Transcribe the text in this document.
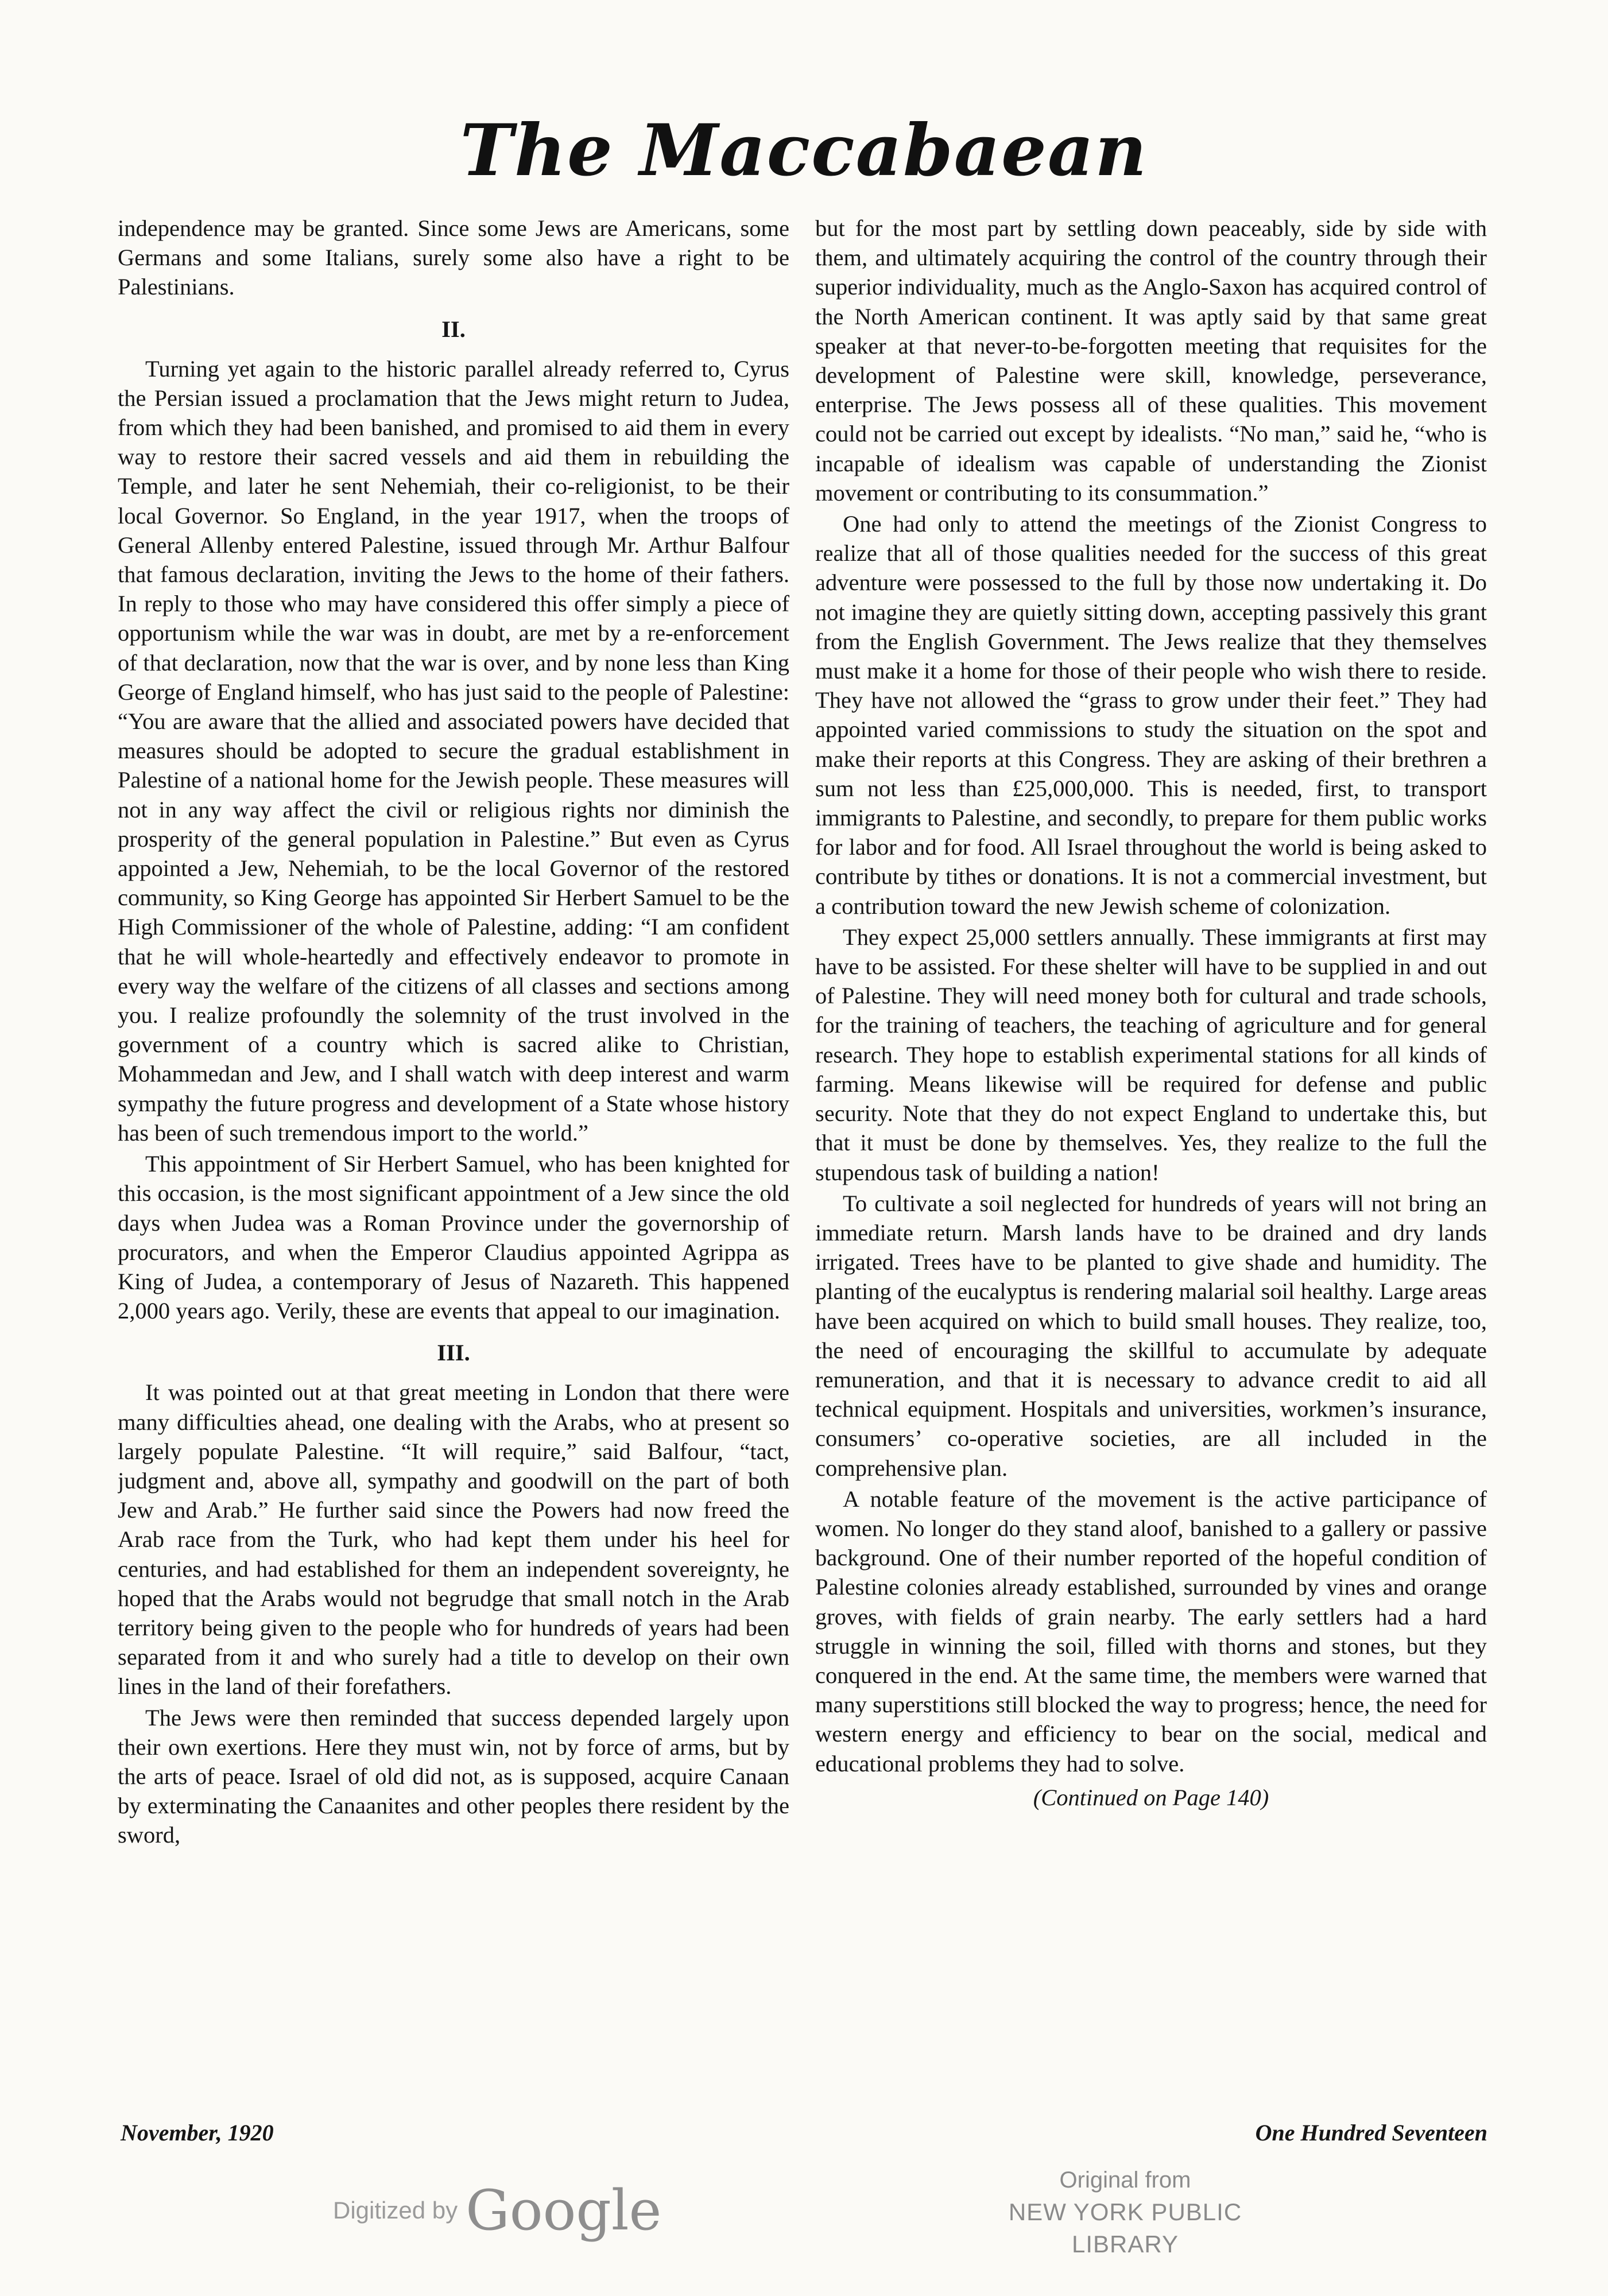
The Maccabaean

independence may be granted. Since some Jews are Americans, some Germans and some Italians, surely some also have a right to be Palestinians.

II.

Turning yet again to the historic parallel already referred to, Cyrus the Persian issued a proclamation that the Jews might return to Judea, from which they had been banished, and promised to aid them in every way to restore their sacred vessels and aid them in rebuilding the Temple, and later he sent Nehemiah, their co-religionist, to be their local Governor. So England, in the year 1917, when the troops of General Allenby entered Palestine, issued through Mr. Arthur Balfour that famous declaration, inviting the Jews to the home of their fathers. In reply to those who may have considered this offer simply a piece of opportunism while the war was in doubt, are met by a re-enforcement of that declaration, now that the war is over, and by none less than King George of England himself, who has just said to the people of Palestine: “You are aware that the allied and associated powers have decided that measures should be adopted to secure the gradual establishment in Palestine of a national home for the Jewish people. These measures will not in any way affect the civil or religious rights nor diminish the prosperity of the general population in Palestine.” But even as Cyrus appointed a Jew, Nehemiah, to be the local Governor of the restored community, so King George has appointed Sir Herbert Samuel to be the High Commissioner of the whole of Palestine, adding: “I am confident that he will whole-heartedly and effectively endeavor to promote in every way the welfare of the citizens of all classes and sections among you. I realize profoundly the solemnity of the trust involved in the government of a country which is sacred alike to Christian, Mohammedan and Jew, and I shall watch with deep interest and warm sympathy the future progress and development of a State whose history has been of such tremendous import to the world.”

This appointment of Sir Herbert Samuel, who has been knighted for this occasion, is the most significant appointment of a Jew since the old days when Judea was a Roman Province under the governorship of procurators, and when the Emperor Claudius appointed Agrippa as King of Judea, a contemporary of Jesus of Nazareth. This happened 2,000 years ago. Verily, these are events that appeal to our imagination.

III.

It was pointed out at that great meeting in London that there were many difficulties ahead, one dealing with the Arabs, who at present so largely populate Palestine. “It will require,” said Balfour, “tact, judgment and, above all, sympathy and goodwill on the part of both Jew and Arab.” He further said since the Powers had now freed the Arab race from the Turk, who had kept them under his heel for centuries, and had established for them an independent sovereignty, he hoped that the Arabs would not begrudge that small notch in the Arab territory being given to the people who for hundreds of years had been separated from it and who surely had a title to develop on their own lines in the land of their forefathers.

The Jews were then reminded that success depended largely upon their own exertions. Here they must win, not by force of arms, but by the arts of peace. Israel of old did not, as is supposed, acquire Canaan by exterminating the Canaanites and other peoples there resident by the sword,

but for the most part by settling down peaceably, side by side with them, and ultimately acquiring the control of the country through their superior individuality, much as the Anglo-Saxon has acquired control of the North American continent. It was aptly said by that same great speaker at that never-to-be-forgotten meeting that requisites for the development of Palestine were skill, knowledge, perseverance, enterprise. The Jews possess all of these qualities. This movement could not be carried out except by idealists. “No man,” said he, “who is incapable of idealism was capable of understanding the Zionist movement or contributing to its consummation.”

One had only to attend the meetings of the Zionist Congress to realize that all of those qualities needed for the success of this great adventure were possessed to the full by those now undertaking it. Do not imagine they are quietly sitting down, accepting passively this grant from the English Government. The Jews realize that they themselves must make it a home for those of their people who wish there to reside. They have not allowed the “grass to grow under their feet.” They had appointed varied commissions to study the situation on the spot and make their reports at this Congress. They are asking of their brethren a sum not less than £25,000,000. This is needed, first, to transport immigrants to Palestine, and secondly, to prepare for them public works for labor and for food. All Israel throughout the world is being asked to contribute by tithes or donations. It is not a commercial investment, but a contribution toward the new Jewish scheme of colonization.

They expect 25,000 settlers annually. These immigrants at first may have to be assisted. For these shelter will have to be supplied in and out of Palestine. They will need money both for cultural and trade schools, for the training of teachers, the teaching of agriculture and for general research. They hope to establish experimental stations for all kinds of farming. Means likewise will be required for defense and public security. Note that they do not expect England to undertake this, but that it must be done by themselves. Yes, they realize to the full the stupendous task of building a nation!

To cultivate a soil neglected for hundreds of years will not bring an immediate return. Marsh lands have to be drained and dry lands irrigated. Trees have to be planted to give shade and humidity. The planting of the eucalyptus is rendering malarial soil healthy. Large areas have been acquired on which to build small houses. They realize, too, the need of encouraging the skillful to accumulate by adequate remuneration, and that it is necessary to advance credit to aid all technical equipment. Hospitals and universities, workmen’s insurance, consumers’ co-operative societies, are all included in the comprehensive plan.

A notable feature of the movement is the active participance of women. No longer do they stand aloof, banished to a gallery or passive background. One of their number reported of the hopeful condition of Palestine colonies already established, surrounded by vines and orange groves, with fields of grain nearby. The early settlers had a hard struggle in winning the soil, filled with thorns and stones, but they conquered in the end. At the same time, the members were warned that many superstitions still blocked the way to progress; hence, the need for western energy and efficiency to bear on the social, medical and educational problems they had to solve.

(Continued on Page 140)

November, 1920	One Hundred Seventeen
Digitized by Google	Original from
NEW YORK PUBLIC LIBRARY
